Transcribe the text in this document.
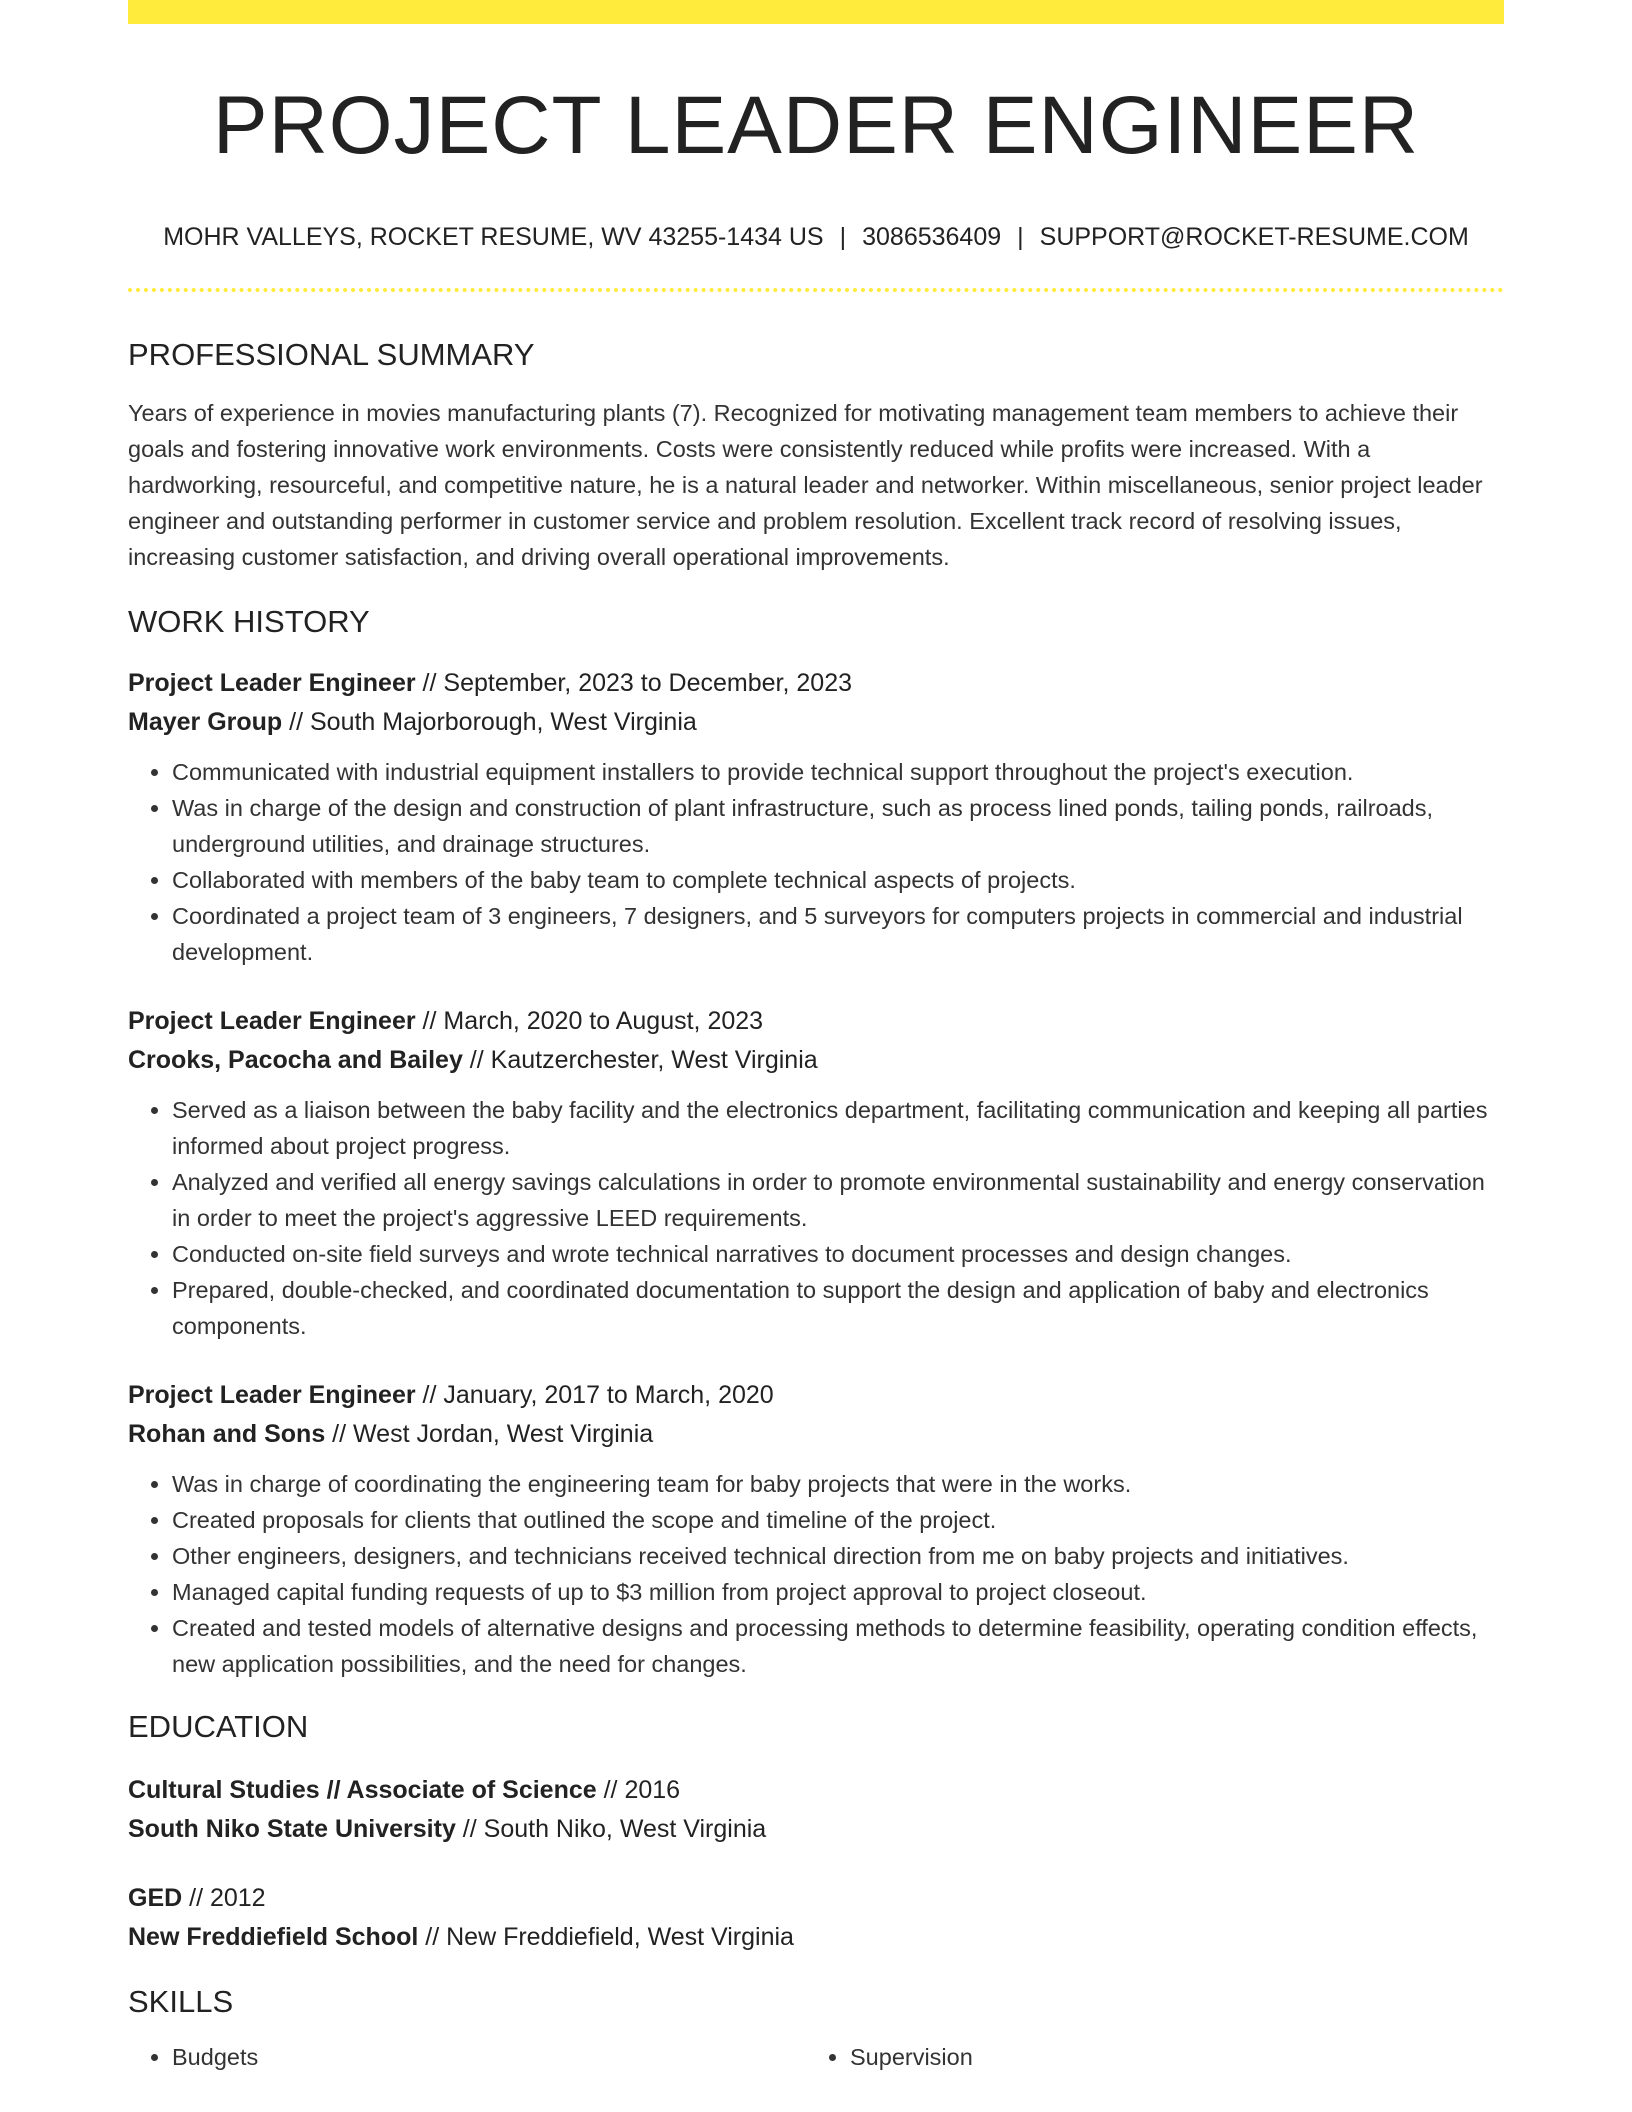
PROJECT LEADER ENGINEER
MOHR VALLEYS, ROCKET RESUME, WV 43255-1434 US | 3086536409 | SUPPORT@ROCKET-RESUME.COM
PROFESSIONAL SUMMARY

Years of experience in movies manufacturing plants (7). Recognized for motivating management team members to achieve their goals and fostering innovative work environments. Costs were consistently reduced while profits were increased. With a hardworking, resourceful, and competitive nature, he is a natural leader and networker. Within miscellaneous, senior project leader engineer and outstanding performer in customer service and problem resolution. Excellent track record of resolving issues, increasing customer satisfaction, and driving overall operational improvements.

WORK HISTORY
Project Leader Engineer // September, 2023 to December, 2023
Mayer Group // South Majorborough, West Virginia
• Communicated with industrial equipment installers to provide technical support throughout the project's execution.
• Was in charge of the design and construction of plant infrastructure, such as process lined ponds, tailing ponds, railroads, underground utilities, and drainage structures.
• Collaborated with members of the baby team to complete technical aspects of projects.
• Coordinated a project team of 3 engineers, 7 designers, and 5 surveyors for computers projects in commercial and industrial development.
Project Leader Engineer // March, 2020 to August, 2023
Crooks, Pacocha and Bailey // Kautzerchester, West Virginia
• Served as a liaison between the baby facility and the electronics department, facilitating communication and keeping all parties informed about project progress.
• Analyzed and verified all energy savings calculations in order to promote environmental sustainability and energy conservation in order to meet the project's aggressive LEED requirements.
• Conducted on-site field surveys and wrote technical narratives to document processes and design changes.
• Prepared, double-checked, and coordinated documentation to support the design and application of baby and electronics components.
Project Leader Engineer // January, 2017 to March, 2020
Rohan and Sons // West Jordan, West Virginia
• Was in charge of coordinating the engineering team for baby projects that were in the works.
• Created proposals for clients that outlined the scope and timeline of the project.
• Other engineers, designers, and technicians received technical direction from me on baby projects and initiatives.
• Managed capital funding requests of up to $3 million from project approval to project closeout.
• Created and tested models of alternative designs and processing methods to determine feasibility, operating condition effects, new application possibilities, and the need for changes.
EDUCATION
Cultural Studies // Associate of Science // 2016
South Niko State University // South Niko, West Virginia
GED // 2012
New Freddiefield School // New Freddiefield, West Virginia
SKILLS
• Budgets
•	Supervision
